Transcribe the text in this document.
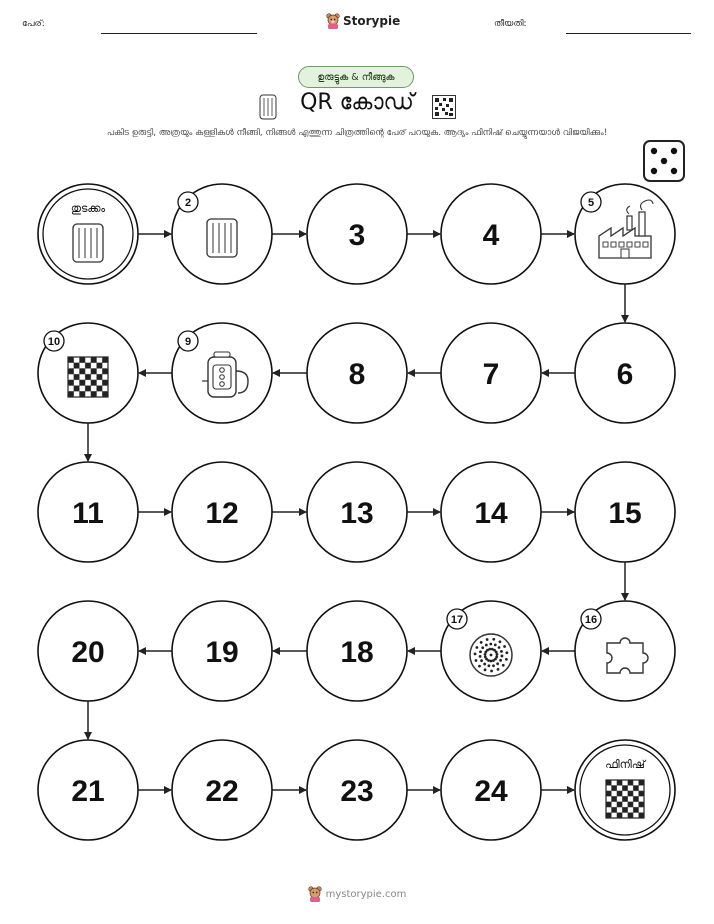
പേര്:	Storypie	തീയതി:
ഉരുട്ടുക & നീങ്ങുക
QR കോഡ്
പകിട ഉരുട്ടി, അത്രയും കള്ളികൾ നീങ്ങി, നിങ്ങൾ എത്തുന്ന ചിത്രത്തിന്റെ പേര് പറയുക. ആദ്യം ഫിനിഷ് ചെയ്യുന്നയാൾ വിജയിക്കും!
തുടക്കം	2
3	4
5
6
7
8
9
10
11	12	13	14	15
16
17
18
19
20
21	22	23	24
ഫിനിഷ്
mystorypie.com
